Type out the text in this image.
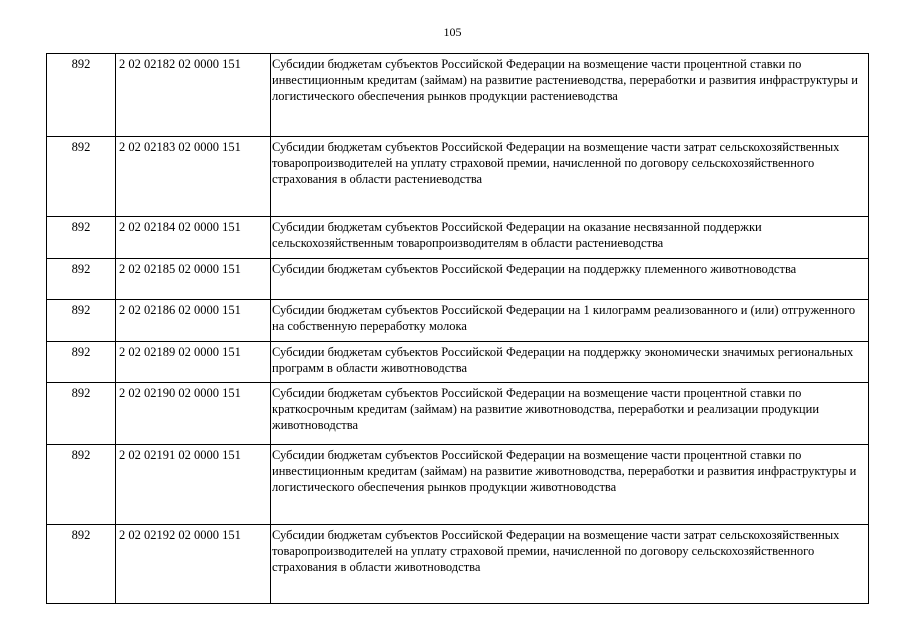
105
892	2 02 02182 02 0000 151	Субсидии бюджетам субъектов Российской Федерации на возмещение части процентной ставки по инвестиционным кредитам (займам) на развитие растениеводства, переработки и развития инфраструктуры и логистического обеспечения рынков продукции растениеводства
892	2 02 02183 02 0000 151	Субсидии бюджетам субъектов Российской Федерации на возмещение части затрат сельскохозяйственных товаропроизводителей на уплату страховой премии, начисленной по договору сельскохозяйственного страхования в области растениеводства
892	2 02 02184 02 0000 151	Субсидии бюджетам субъектов Российской Федерации на оказание несвязанной поддержки сельскохозяйственным товаропроизводителям в области растениеводства
892	2 02 02185 02 0000 151	Субсидии бюджетам субъектов Российской Федерации на поддержку племенного животноводства
892	2 02 02186 02 0000 151	Субсидии бюджетам субъектов Российской Федерации на 1 килограмм реализованного и (или) отгруженного на собственную переработку молока
892	2 02 02189 02 0000 151	Субсидии бюджетам субъектов Российской Федерации на поддержку экономически значимых региональных программ в области животноводства
892	2 02 02190 02 0000 151	Субсидии бюджетам субъектов Российской Федерации на возмещение части процентной ставки по краткосрочным кредитам (займам) на развитие животноводства, переработки и реализации продукции животноводства
892	2 02 02191 02 0000 151	Субсидии бюджетам субъектов Российской Федерации на возмещение части процентной ставки по инвестиционным кредитам (займам) на развитие животноводства, переработки и развития инфраструктуры и логистического обеспечения рынков продукции животноводства
892	2 02 02192 02 0000 151	Субсидии бюджетам субъектов Российской Федерации на возмещение части затрат сельскохозяйственных товаропроизводителей на уплату страховой премии, начисленной по договору сельскохозяйственного страхования в области животноводства
